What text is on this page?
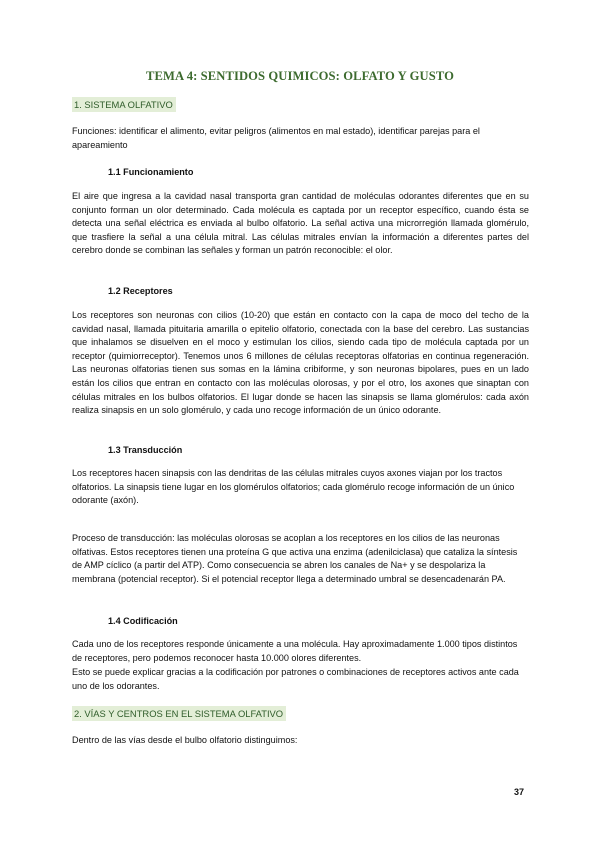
TEMA 4: SENTIDOS QUIMICOS: OLFATO Y GUSTO
1. SISTEMA OLFATIVO

Funciones: identificar el alimento, evitar peligros (alimentos en mal estado), identificar parejas para el apareamiento

1.1 Funcionamiento

El aire que ingresa a la cavidad nasal transporta gran cantidad de moléculas odorantes diferentes que en su conjunto forman un olor determinado. Cada molécula es captada por un receptor específico, cuando ésta se detecta una señal eléctrica es enviada al bulbo olfatorio. La señal activa una microrregión llamada glomérulo, que trasfiere la señal a una célula mitral. Las células mitrales envían la información a diferentes partes del cerebro donde se combinan las señales y forman un patrón reconocible: el olor.

1.2 Receptores

Los receptores son neuronas con cilios (10-20) que están en contacto con la capa de moco del techo de la cavidad nasal, llamada pituitaria amarilla o epitelio olfatorio, conectada con la base del cerebro. Las sustancias que inhalamos se disuelven en el moco y estimulan los cilios, siendo cada tipo de molécula captada por un receptor (quimiorreceptor). Tenemos unos 6 millones de células receptoras olfatorias en continua regeneración. Las neuronas olfatorias tienen sus somas en la lámina cribiforme, y son neuronas bipolares, pues en un lado están los cilios que entran en contacto con las moléculas olorosas, y por el otro, los axones que sinaptan con células mitrales en los bulbos olfatorios. El lugar donde se hacen las sinapsis se llama glomérulos: cada axón realiza sinapsis en un solo glomérulo, y cada uno recoge información de un único odorante.

1.3 Transducción

Los receptores hacen sinapsis con las dendritas de las células mitrales cuyos axones viajan por los tractos olfatorios. La sinapsis tiene lugar en los glomérulos olfatorios; cada glomérulo recoge información de un único odorante (axón).

Proceso de transducción: las moléculas olorosas se acoplan a los receptores en los cilios de las neuronas olfativas. Estos receptores tienen una proteína G que activa una enzima (adenilciclasa) que cataliza la síntesis de AMP cíclico (a partir del ATP). Como consecuencia se abren los canales de Na+ y se despolariza la membrana (potencial receptor). Si el potencial receptor llega a determinado umbral se desencadenarán PA.

1.4 Codificación

Cada uno de los receptores responde únicamente a una molécula. Hay aproximadamente 1.000 tipos distintos de receptores, pero podemos reconocer hasta 10.000 olores diferentes.

Esto se puede explicar gracias a la codificación por patrones o combinaciones de receptores activos ante cada uno de los odorantes.

2. VÍAS Y CENTROS EN EL SISTEMA OLFATIVO

Dentro de las vías desde el bulbo olfatorio distinguimos:

37
